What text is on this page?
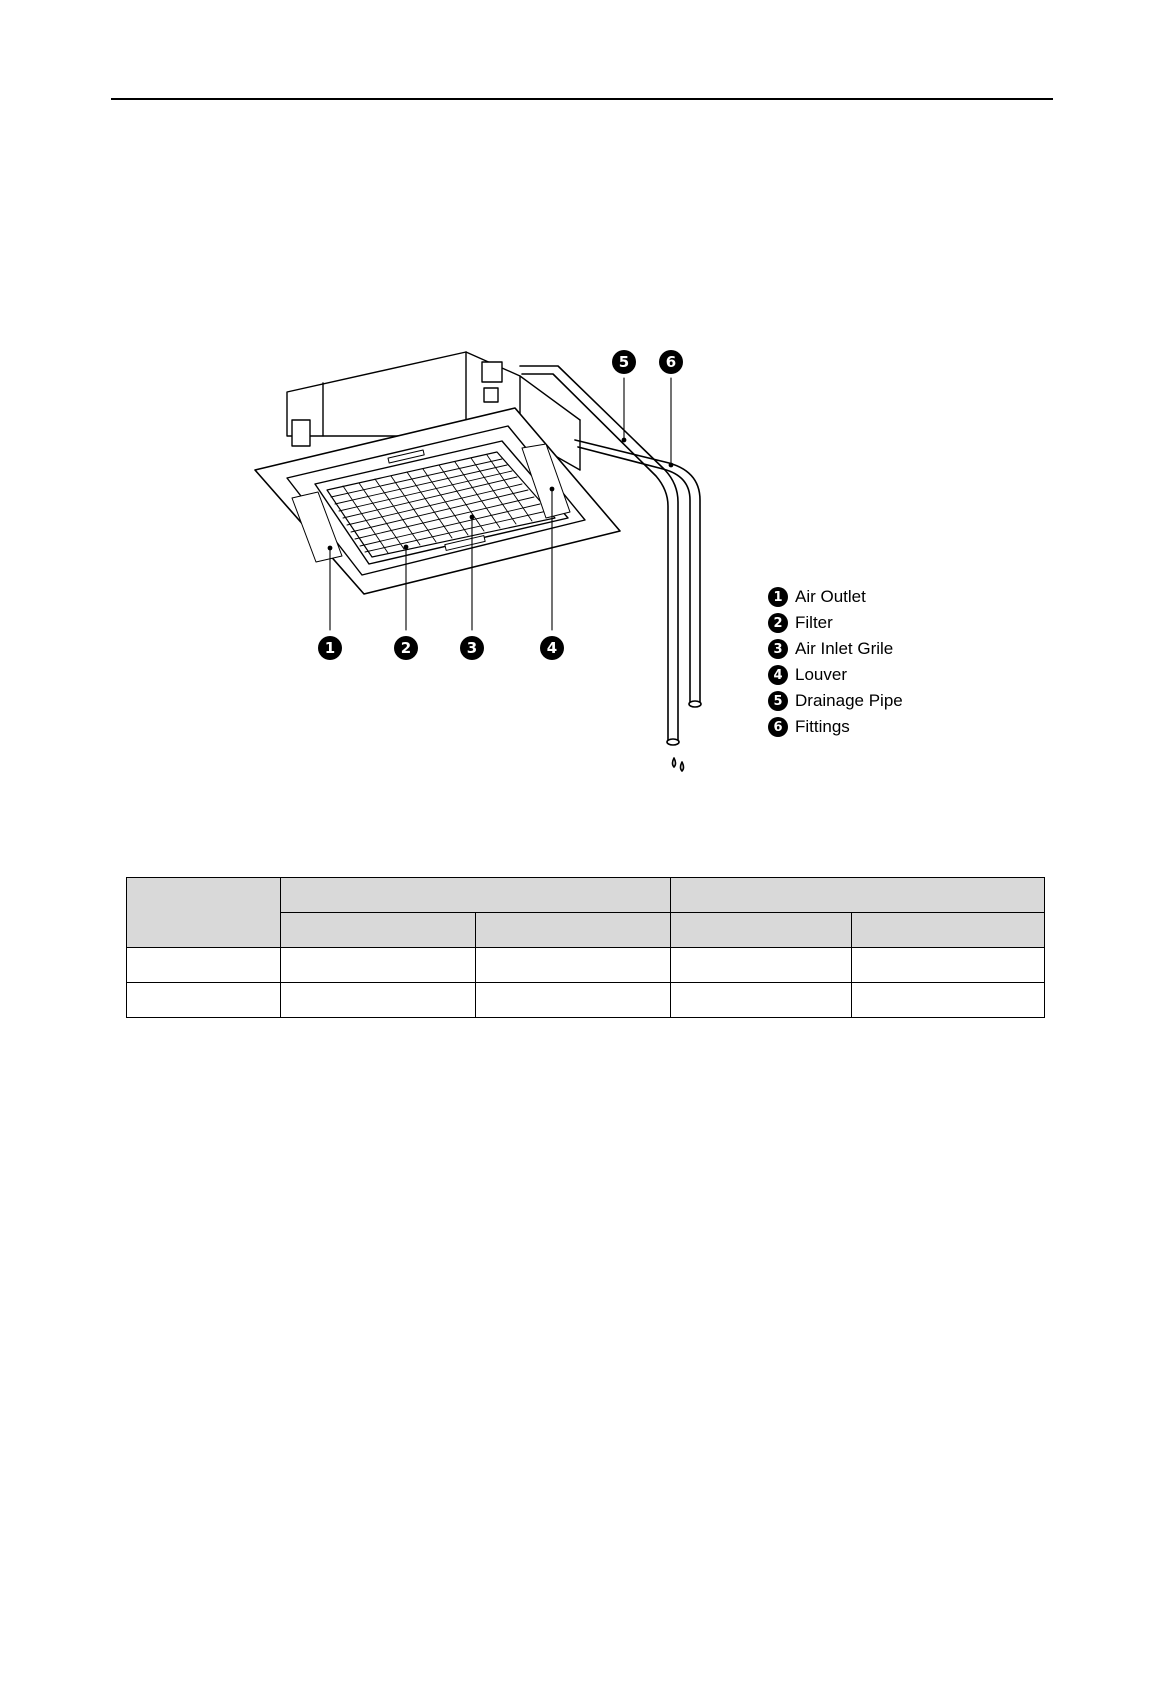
1	2	3	4
5 6
1 Air Outlet
2 Filter
3 Air Inlet Grile
4 Louver
5 Drainage Pipe
6 Fittings
